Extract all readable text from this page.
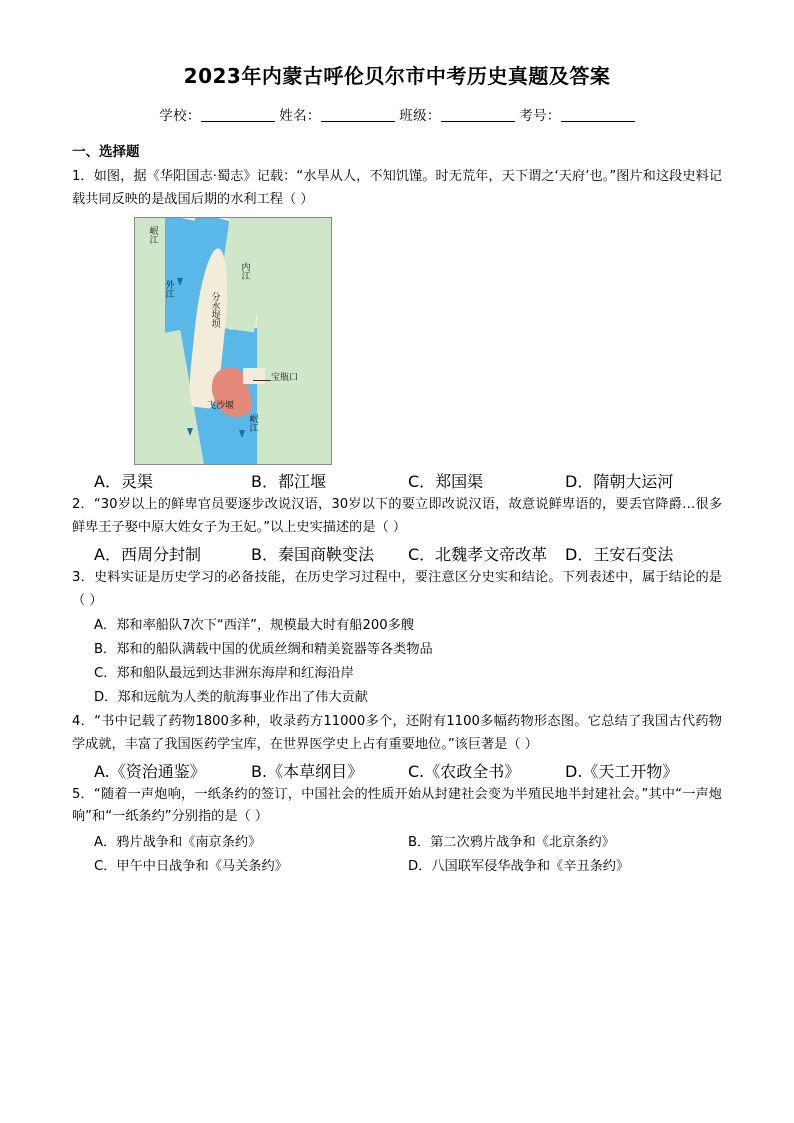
2023年内蒙古呼伦贝尔市中考历史真题及答案
学校：	姓名：	班级：	考号：
一、选择题
1．如图，据《华阳国志·蜀志》记载：“水旱从人，不知饥馑。时无荒年，天下谓之‘天府’也。”图片和这段史料记载共同反映的是战国后期的水利工程（ ）
岷江
外江
内江
分水堤坝
宝瓶口
飞沙堰
岷江
A．灵渠	B．都江堰	C．郑国渠	D．隋朝大运河
2．“30岁以上的鲜卑官员要逐步改说汉语，30岁以下的要立即改说汉语，故意说鲜卑语的，要丢官降爵…很多鲜卑王子娶中原大姓女子为王妃。”以上史实描述的是（ ）
A．西周分封制	B．秦国商鞅变法	C．北魏孝文帝改革	D．王安石变法
3．史料实证是历史学习的必备技能，在历史学习过程中，要注意区分史实和结论。下列表述中，属于结论的是（ ）
A．郑和率船队7次下“西洋”，规模最大时有船200多艘
B．郑和的船队满载中国的优质丝绸和精美瓷器等各类物品
C．郑和船队最远到达非洲东海岸和红海沿岸
D．郑和远航为人类的航海事业作出了伟大贡献
4．“书中记载了药物1800多种，收录药方11000多个，还附有1100多幅药物形态图。它总结了我国古代药物学成就，丰富了我国医药学宝库，在世界医学史上占有重要地位。”该巨著是（ ）
A.《资治通鉴》	B.《本草纲目》	C.《农政全书》	D.《天工开物》
5．“随着一声炮响，一纸条约的签订，中国社会的性质开始从封建社会变为半殖民地半封建社会。”其中“一声炮响”和“一纸条约”分别指的是（ ）
A．鸦片战争和《南京条约》	B．第二次鸦片战争和《北京条约》
C．甲午中日战争和《马关条约》	D．八国联军侵华战争和《辛丑条约》
